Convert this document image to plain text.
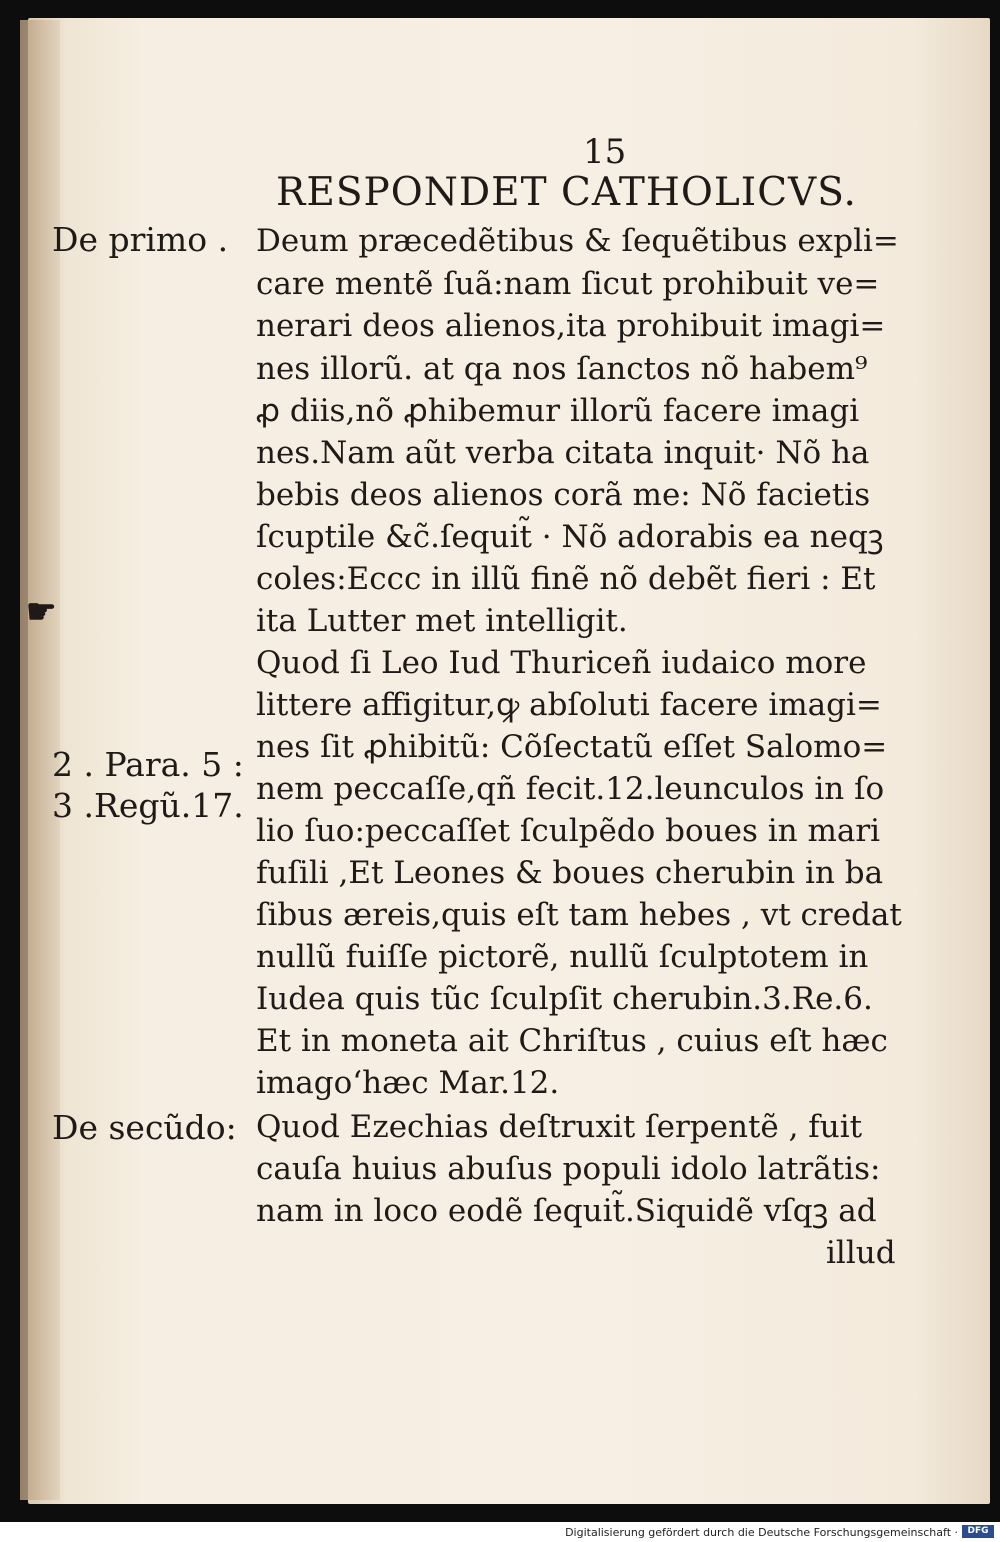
15
RESPONDET CATHOLICVS.
De primo .
2 . Para. 5 :
3 .Regũ.17.
De secũdo:
☛
Deum præcedẽtibus & ſequẽtibus expli=
care mentẽ ſuã:nam ſicut prohibuit ve=
nerari deos alienos,ita prohibuit imagi=
nes illorũ. at qa nos ſanctos nõ habem⁹
ꝓ diis,nõ ꝓhibemur illorũ facere imagi
nes.Nam aũt verba citata inquit· Nõ ha
bebis deos alienos corã me: Nõ facietis
ſcuptile &c̃.ſequit̃ · Nõ adorabis ea neqꝫ
coles:Eccc in illũ finẽ nõ debẽt fieri : Et
ita Lutter met intelligit.
Quod ſi Leo Iud Thuriceñ iudaico more
littere affigitur,ꝙ abſoluti facere imagi=
nes ſit ꝓhibitũ: Cõſectatũ eſſet Salomo=
nem peccaſſe,qñ fecit.12.leunculos in ſo
lio ſuo:peccaſſet ſculpẽdo boues in mari
fuſili ,Et Leones & boues cherubin in ba
ſibus æreis,quis eſt tam hebes , vt credat
nullũ fuiſſe pictorẽ, nullũ ſculptotem in
Iudea quis tũc ſculpſit cherubin.3.Re.6.
Et in moneta ait Chriſtus , cuius eſt hæc
imago‘hæc Mar.12.
Quod Ezechias deſtruxit ſerpentẽ , fuit
cauſa huius abuſus populi idolo latrãtis:
nam in loco eodẽ ſequit̃.Siquidẽ vſqꝫ ad
illud
Digitalisierung gefördert durch die Deutsche Forschungsgemeinschaft ·	DFG
